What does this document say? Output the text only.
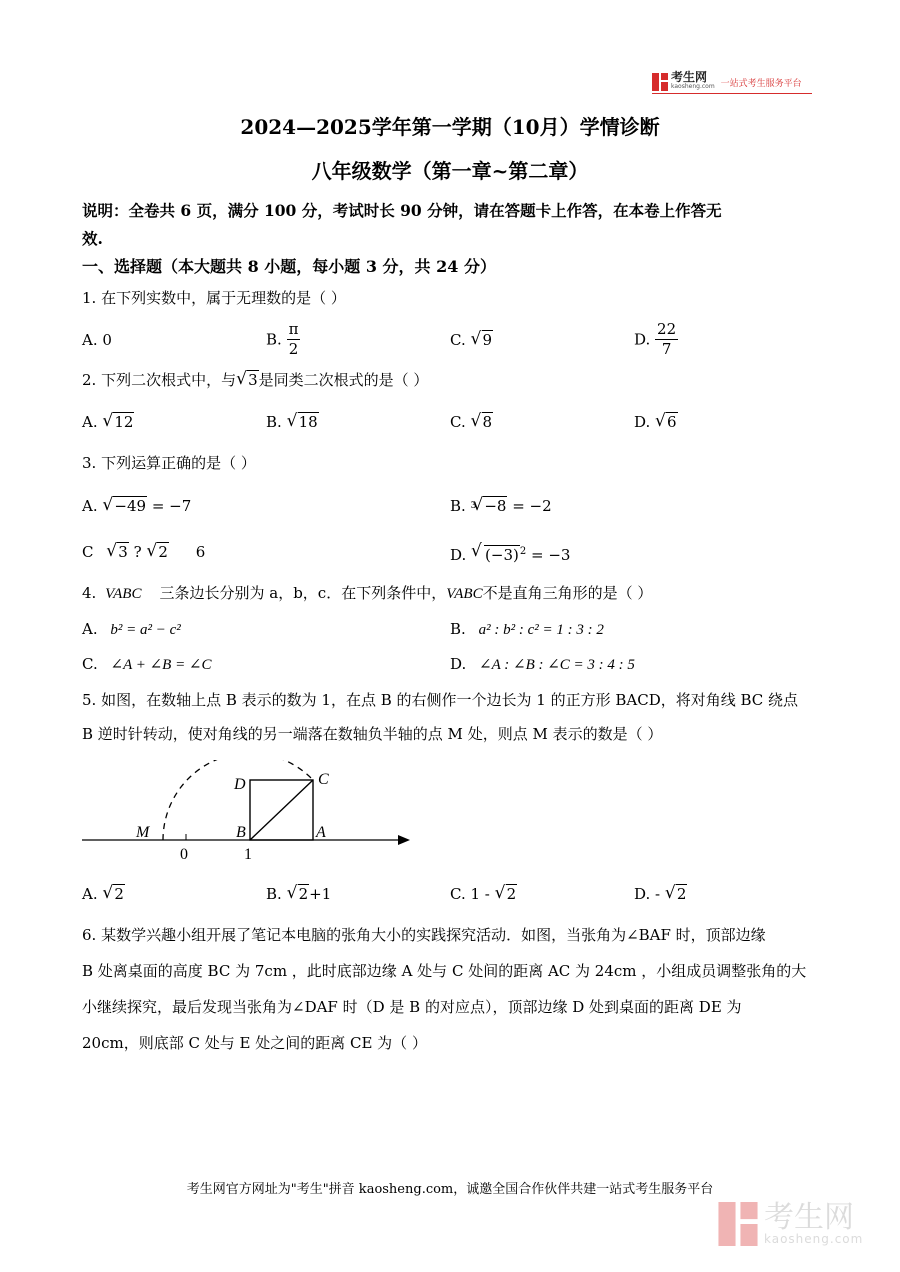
考生网
kaosheng.com 一站式考生服务平台
2024—2025学年第一学期（10月）学情诊断
八年级数学（第一章~第二章）
说明：全卷共 6 页，满分 100 分，考试时长 90 分钟，请在答题卡上作答，在本卷上作答无
效.
一、选择题（本大题共 8 小题，每小题 3 分，共 24 分）
1. 在下列实数中，属于无理数的是（ ）
A. 0	B. $\frac{\pi}{2}$	C. √ 9	D. $\frac{22}{7}$
2. 下列二次根式中，与 √ 3是同类二次根式的是（ ）
A. √ 12	B. √ 18	C. √ 8	D. √ 6
3. 下列运算正确的是（ ）
A. √ −49 = −7	B. $^3$ √ −8 = −2
C √ 3 ? √ 2 6	D. √ $(-3)^2 = -3$
4. VABC 三条边长分别为 a，b，c．在下列条件中，VABC不是直角三角形的是（ ）
A. b² = a² − c²	B. a² : b² : c² = 1 : 3 : 2
C. ∠A + ∠B = ∠C	D. ∠A : ∠B : ∠C = 3 : 4 : 5
5. 如图，在数轴上点 B 表示的数为 1，在点 B 的右侧作一个边长为 1 的正方形 BACD，将对角线 BC 绕点
B 逆时针转动，使对角线的另一端落在数轴负半轴的点 M 处，则点 M 表示的数是（ ）
D	C
M	B	A
0	1
A. √ 2	B. √ 2+1	C. 1 - √ 2	D. - √ 2
6. 某数学兴趣小组开展了笔记本电脑的张角大小的实践探究活动．如图，当张角为∠BAF 时，顶部边缘
B 处离桌面的高度 BC 为 7cm ，此时底部边缘 A 处与 C 处间的距离 AC 为 24cm ，小组成员调整张角的大
小继续探究，最后发现当张角为∠DAF 时（D 是 B 的对应点），顶部边缘 D 处到桌面的距离 DE 为
20cm，则底部 C 处与 E 处之间的距离 CE 为（ ）
考生网官方网址为"考生"拼音 kaosheng.com，诚邀全国合作伙伴共建一站式考生服务平台
考生网
kaosheng.com
